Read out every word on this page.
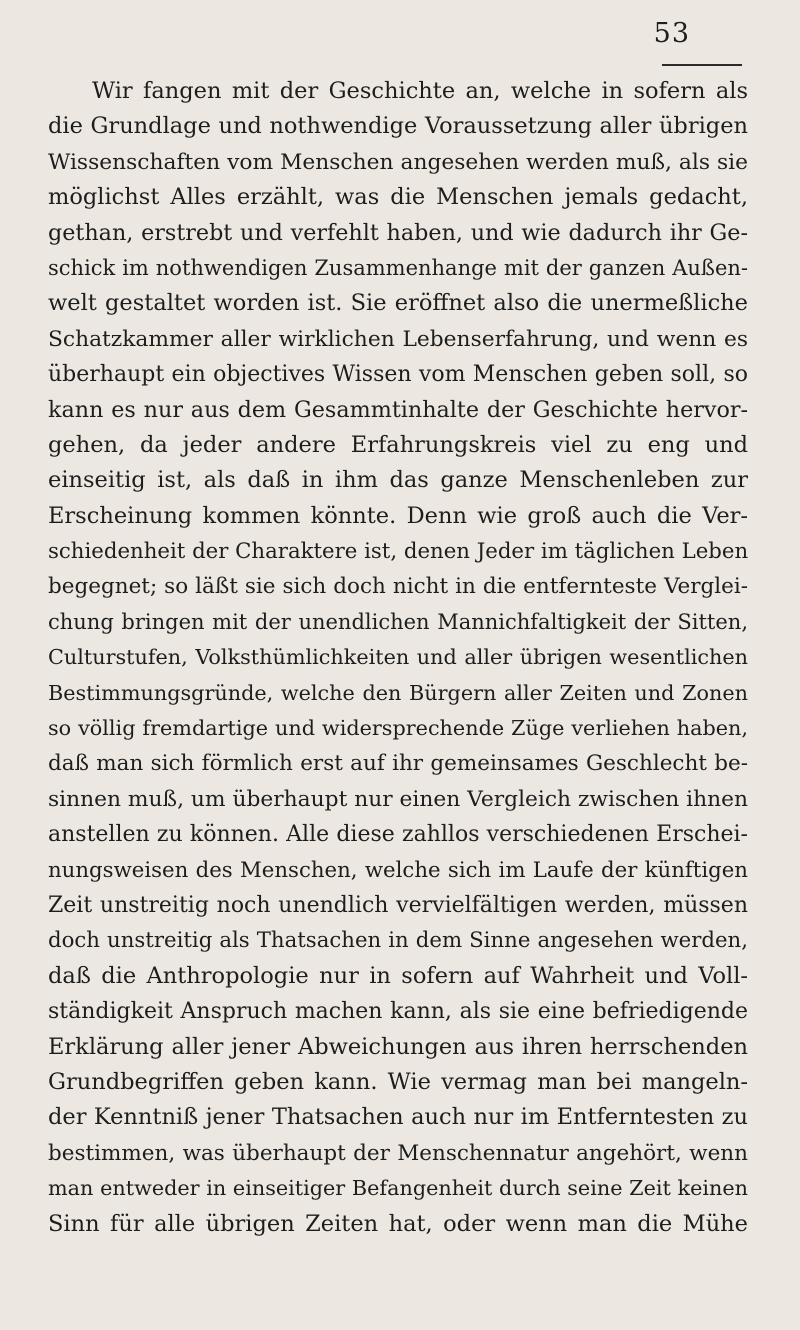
53
Wir fangen mit der Geschichte an, welche in sofern als
die Grundlage und nothwendige Voraussetzung aller übrigen
Wissenschaften vom Menschen angesehen werden muß, als sie
möglichst Alles erzählt, was die Menschen jemals gedacht,
gethan, erstrebt und verfehlt haben, und wie dadurch ihr Ge-
schick im nothwendigen Zusammenhange mit der ganzen Außen-
welt gestaltet worden ist. Sie eröffnet also die unermeßliche
Schatzkammer aller wirklichen Lebenserfahrung, und wenn es
überhaupt ein objectives Wissen vom Menschen geben soll, so
kann es nur aus dem Gesammtinhalte der Geschichte hervor-
gehen, da jeder andere Erfahrungskreis viel zu eng und
einseitig ist, als daß in ihm das ganze Menschenleben zur
Erscheinung kommen könnte. Denn wie groß auch die Ver-
schiedenheit der Charaktere ist, denen Jeder im täglichen Leben
begegnet; so läßt sie sich doch nicht in die entfernteste Verglei-
chung bringen mit der unendlichen Mannichfaltigkeit der Sitten,
Culturstufen, Volksthümlichkeiten und aller übrigen wesentlichen
Bestimmungsgründe, welche den Bürgern aller Zeiten und Zonen
so völlig fremdartige und widersprechende Züge verliehen haben,
daß man sich förmlich erst auf ihr gemeinsames Geschlecht be-
sinnen muß, um überhaupt nur einen Vergleich zwischen ihnen
anstellen zu können. Alle diese zahllos verschiedenen Erschei-
nungsweisen des Menschen, welche sich im Laufe der künftigen
Zeit unstreitig noch unendlich vervielfältigen werden, müssen
doch unstreitig als Thatsachen in dem Sinne angesehen werden,
daß die Anthropologie nur in sofern auf Wahrheit und Voll-
ständigkeit Anspruch machen kann, als sie eine befriedigende
Erklärung aller jener Abweichungen aus ihren herrschenden
Grundbegriffen geben kann. Wie vermag man bei mangeln-
der Kenntniß jener Thatsachen auch nur im Entferntesten zu
bestimmen, was überhaupt der Menschennatur angehört, wenn
man entweder in einseitiger Befangenheit durch seine Zeit keinen
Sinn für alle übrigen Zeiten hat, oder wenn man die Mühe
